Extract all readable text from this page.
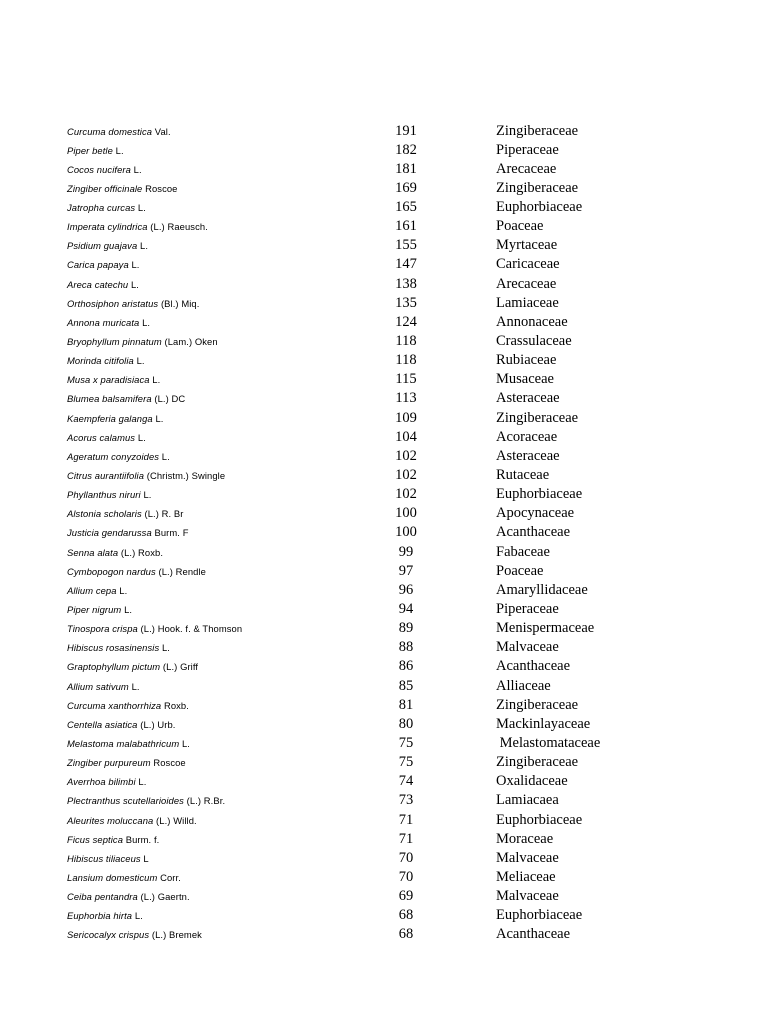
Curcuma domestica Val.	191	Zingiberaceae
Piper betle L.	182	Piperaceae
Cocos nucifera L.	181	Arecaceae
Zingiber officinale Roscoe	169	Zingiberaceae
Jatropha curcas L.	165	Euphorbiaceae
Imperata cylindrica (L.) Raeusch.	161	Poaceae
Psidium guajava L.	155	Myrtaceae
Carica papaya L.	147	Caricaceae
Areca catechu L.	138	Arecaceae
Orthosiphon aristatus (Bl.) Miq.	135	Lamiaceae
Annona muricata L.	124	Annonaceae
Bryophyllum pinnatum (Lam.) Oken	118	Crassulaceae
Morinda citifolia L.	118	Rubiaceae
Musa x paradisiaca L.	115	Musaceae
Blumea balsamifera (L.) DC	113	Asteraceae
Kaempferia galanga L.	109	Zingiberaceae
Acorus calamus L.	104	Acoraceae
Ageratum conyzoides L.	102	Asteraceae
Citrus aurantiifolia (Christm.) Swingle	102	Rutaceae
Phyllanthus niruri L.	102	Euphorbiaceae
Alstonia scholaris (L.) R. Br	100	Apocynaceae
Justicia gendarussa Burm. F	100	Acanthaceae
Senna alata (L.) Roxb.	99	Fabaceae
Cymbopogon nardus (L.) Rendle	97	Poaceae
Allium cepa L.	96	Amaryllidaceae
Piper nigrum L.	94	Piperaceae
Tinospora crispa (L.) Hook. f. & Thomson	89	Menispermaceae
Hibiscus rosasinensis L.	88	Malvaceae
Graptophyllum pictum (L.) Griff	86	Acanthaceae
Allium sativum L.	85	Alliaceae
Curcuma xanthorrhiza Roxb.	81	Zingiberaceae
Centella asiatica (L.) Urb.	80	Mackinlayaceae
Melastoma malabathricum L.	75	Melastomataceae
Zingiber purpureum Roscoe	75	Zingiberaceae
Averrhoa bilimbi L.	74	Oxalidaceae
Plectranthus scutellarioides (L.) R.Br.	73	Lamiacaea
Aleurites moluccana (L.) Willd.	71	Euphorbiaceae
Ficus septica Burm. f.	71	Moraceae
Hibiscus tiliaceus L	70	Malvaceae
Lansium domesticum Corr.	70	Meliaceae
Ceiba pentandra (L.) Gaertn.	69	Malvaceae
Euphorbia hirta L.	68	Euphorbiaceae
Sericocalyx crispus (L.) Bremek	68	Acanthaceae
